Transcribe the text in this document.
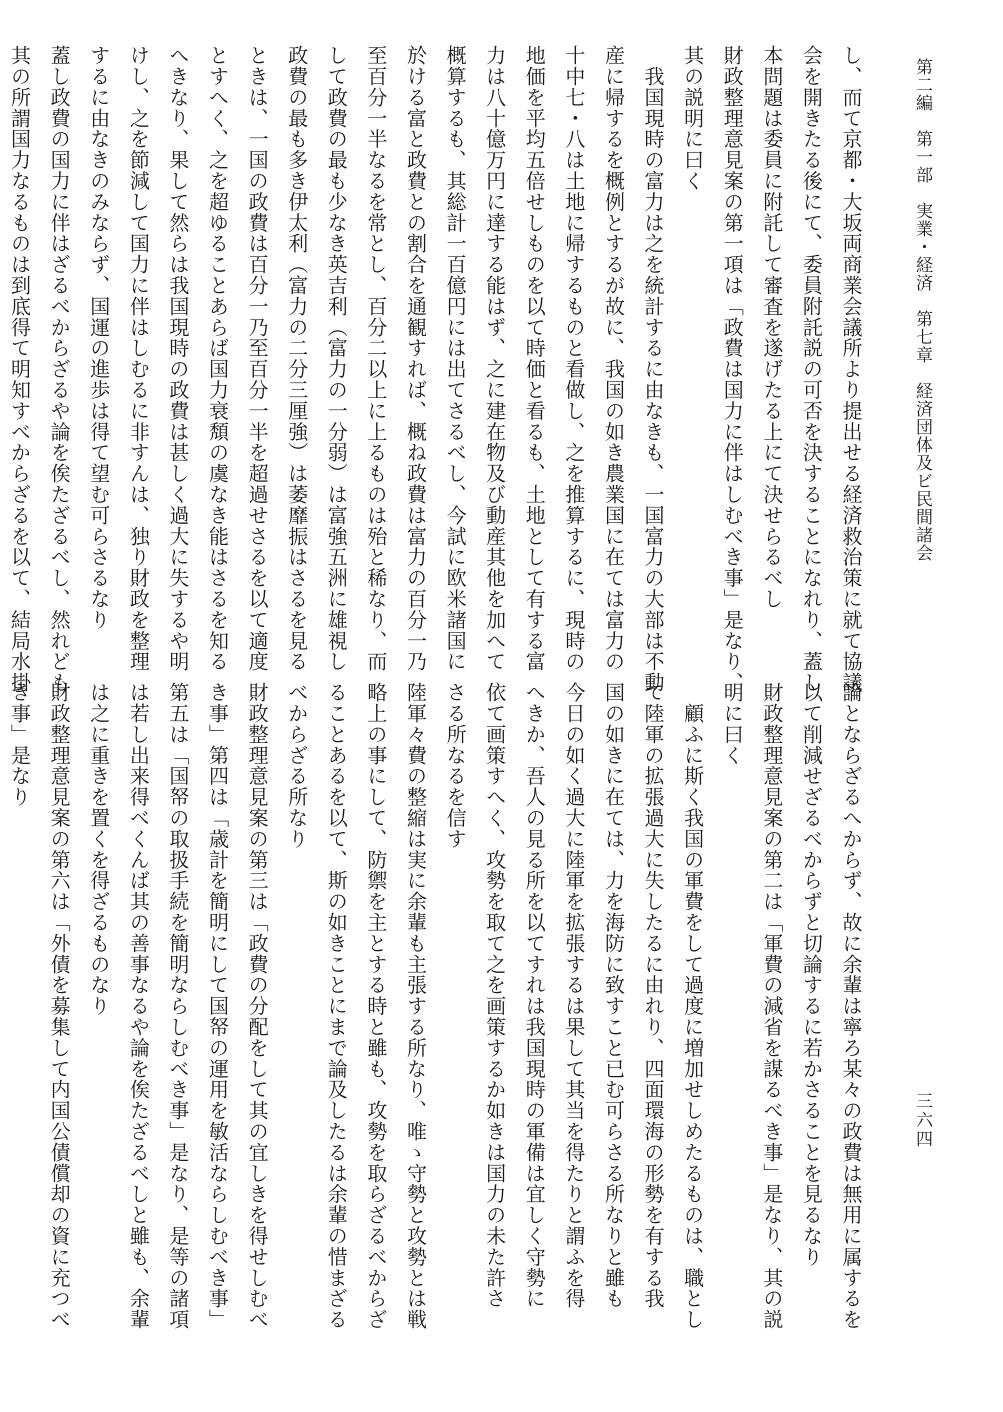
第二編　第一部　実業・経済　第七章　経済団体及ビ民間諸会
三六四
し、而て京都・大坂両商業会議所より提出せる経済救治策に就て協議
会を開きたる後にて、委員附託説の可否を決することになれり、蓋し
本問題は委員に附託して審査を遂げたる上にて決せらるべし
財政整理意見案の第一項は「政費は国力に伴はしむべき事」是なり、
其の説明に曰く
　我国現時の富力は之を統計するに由なきも、一国富力の大部は不動
産に帰するを概例とするが故に、我国の如き農業国に在ては富力の
十中七・八は土地に帰するものと看做し、之を推算するに、現時の
地価を平均五倍せしものを以て時価と看るも、土地として有する富
力は八十億万円に達する能はず、之に建在物及び動産其他を加へて
概算するも、其総計一百億円には出てさるべし、今試に欧米諸国に
於ける富と政費との割合を通観すれば、概ね政費は富力の百分一乃
至百分一半なるを常とし、百分二以上に上るものは殆と稀なり、而
して政費の最も少なき英吉利（富力の一分弱）は富強五洲に雄視し
政費の最も多き伊太利（富力の二分三厘強）は萎靡振はさるを見る
ときは、一国の政費は百分一乃至百分一半を超過せさるを以て適度
とすへく、之を超ゆることあらば国力衰頽の虞なき能はさるを知る
へきなり、果して然らは我国現時の政費は甚しく過大に失するや明
けし、之を節減して国力に伴はしむるに非すんは、独り財政を整理
するに由なきのみならず、国運の進歩は得て望む可らさるなり
蓋し政費の国力に伴はざるべからざるや論を俟たざるべし、然れども
其の所謂国力なるものは到底得て明知すべからざるを以て、結局水掛
論とならざるへからず、故に余輩は寧ろ某々の政費は無用に属するを
以て削減せざるべからずと切論するに若かさることを見るなり
財政整理意見案の第二は「軍費の減省を謀るべき事」是なり、其の説
明に曰く
　顧ふに斯く我国の軍費をして過度に増加せしめたるものは、職とし
て陸軍の拡張過大に失したるに由れり、四面環海の形勢を有する我
国の如きに在ては、力を海防に致すこと已む可らさる所なりと雖も
今日の如く過大に陸軍を拡張するは果して其当を得たりと謂ふを得
へきか、吾人の見る所を以てすれは我国現時の軍備は宜しく守勢に
依て画策すへく、攻勢を取て之を画策するか如きは国力の未た許さ
さる所なるを信す
陸軍々費の整縮は実に余輩も主張する所なり、唯ゝ守勢と攻勢とは戦
略上の事にして、防禦を主とする時と雖も、攻勢を取らざるべからざ
ることあるを以て、斯の如きことにまで論及したるは余輩の惜まざる
べからざる所なり
財政整理意見案の第三は「政費の分配をして其の宜しきを得せしむべ
き事」第四は「歳計を簡明にして国帑の運用を敏活ならしむべき事」
第五は「国帑の取扱手続を簡明ならしむべき事」是なり、是等の諸項
は若し出来得べくんば其の善事なるや論を俟たざるべしと雖も、余輩
は之に重きを置くを得ざるものなり
財政整理意見案の第六は「外債を募集して内国公債償却の資に充つべ
き事」是なり
